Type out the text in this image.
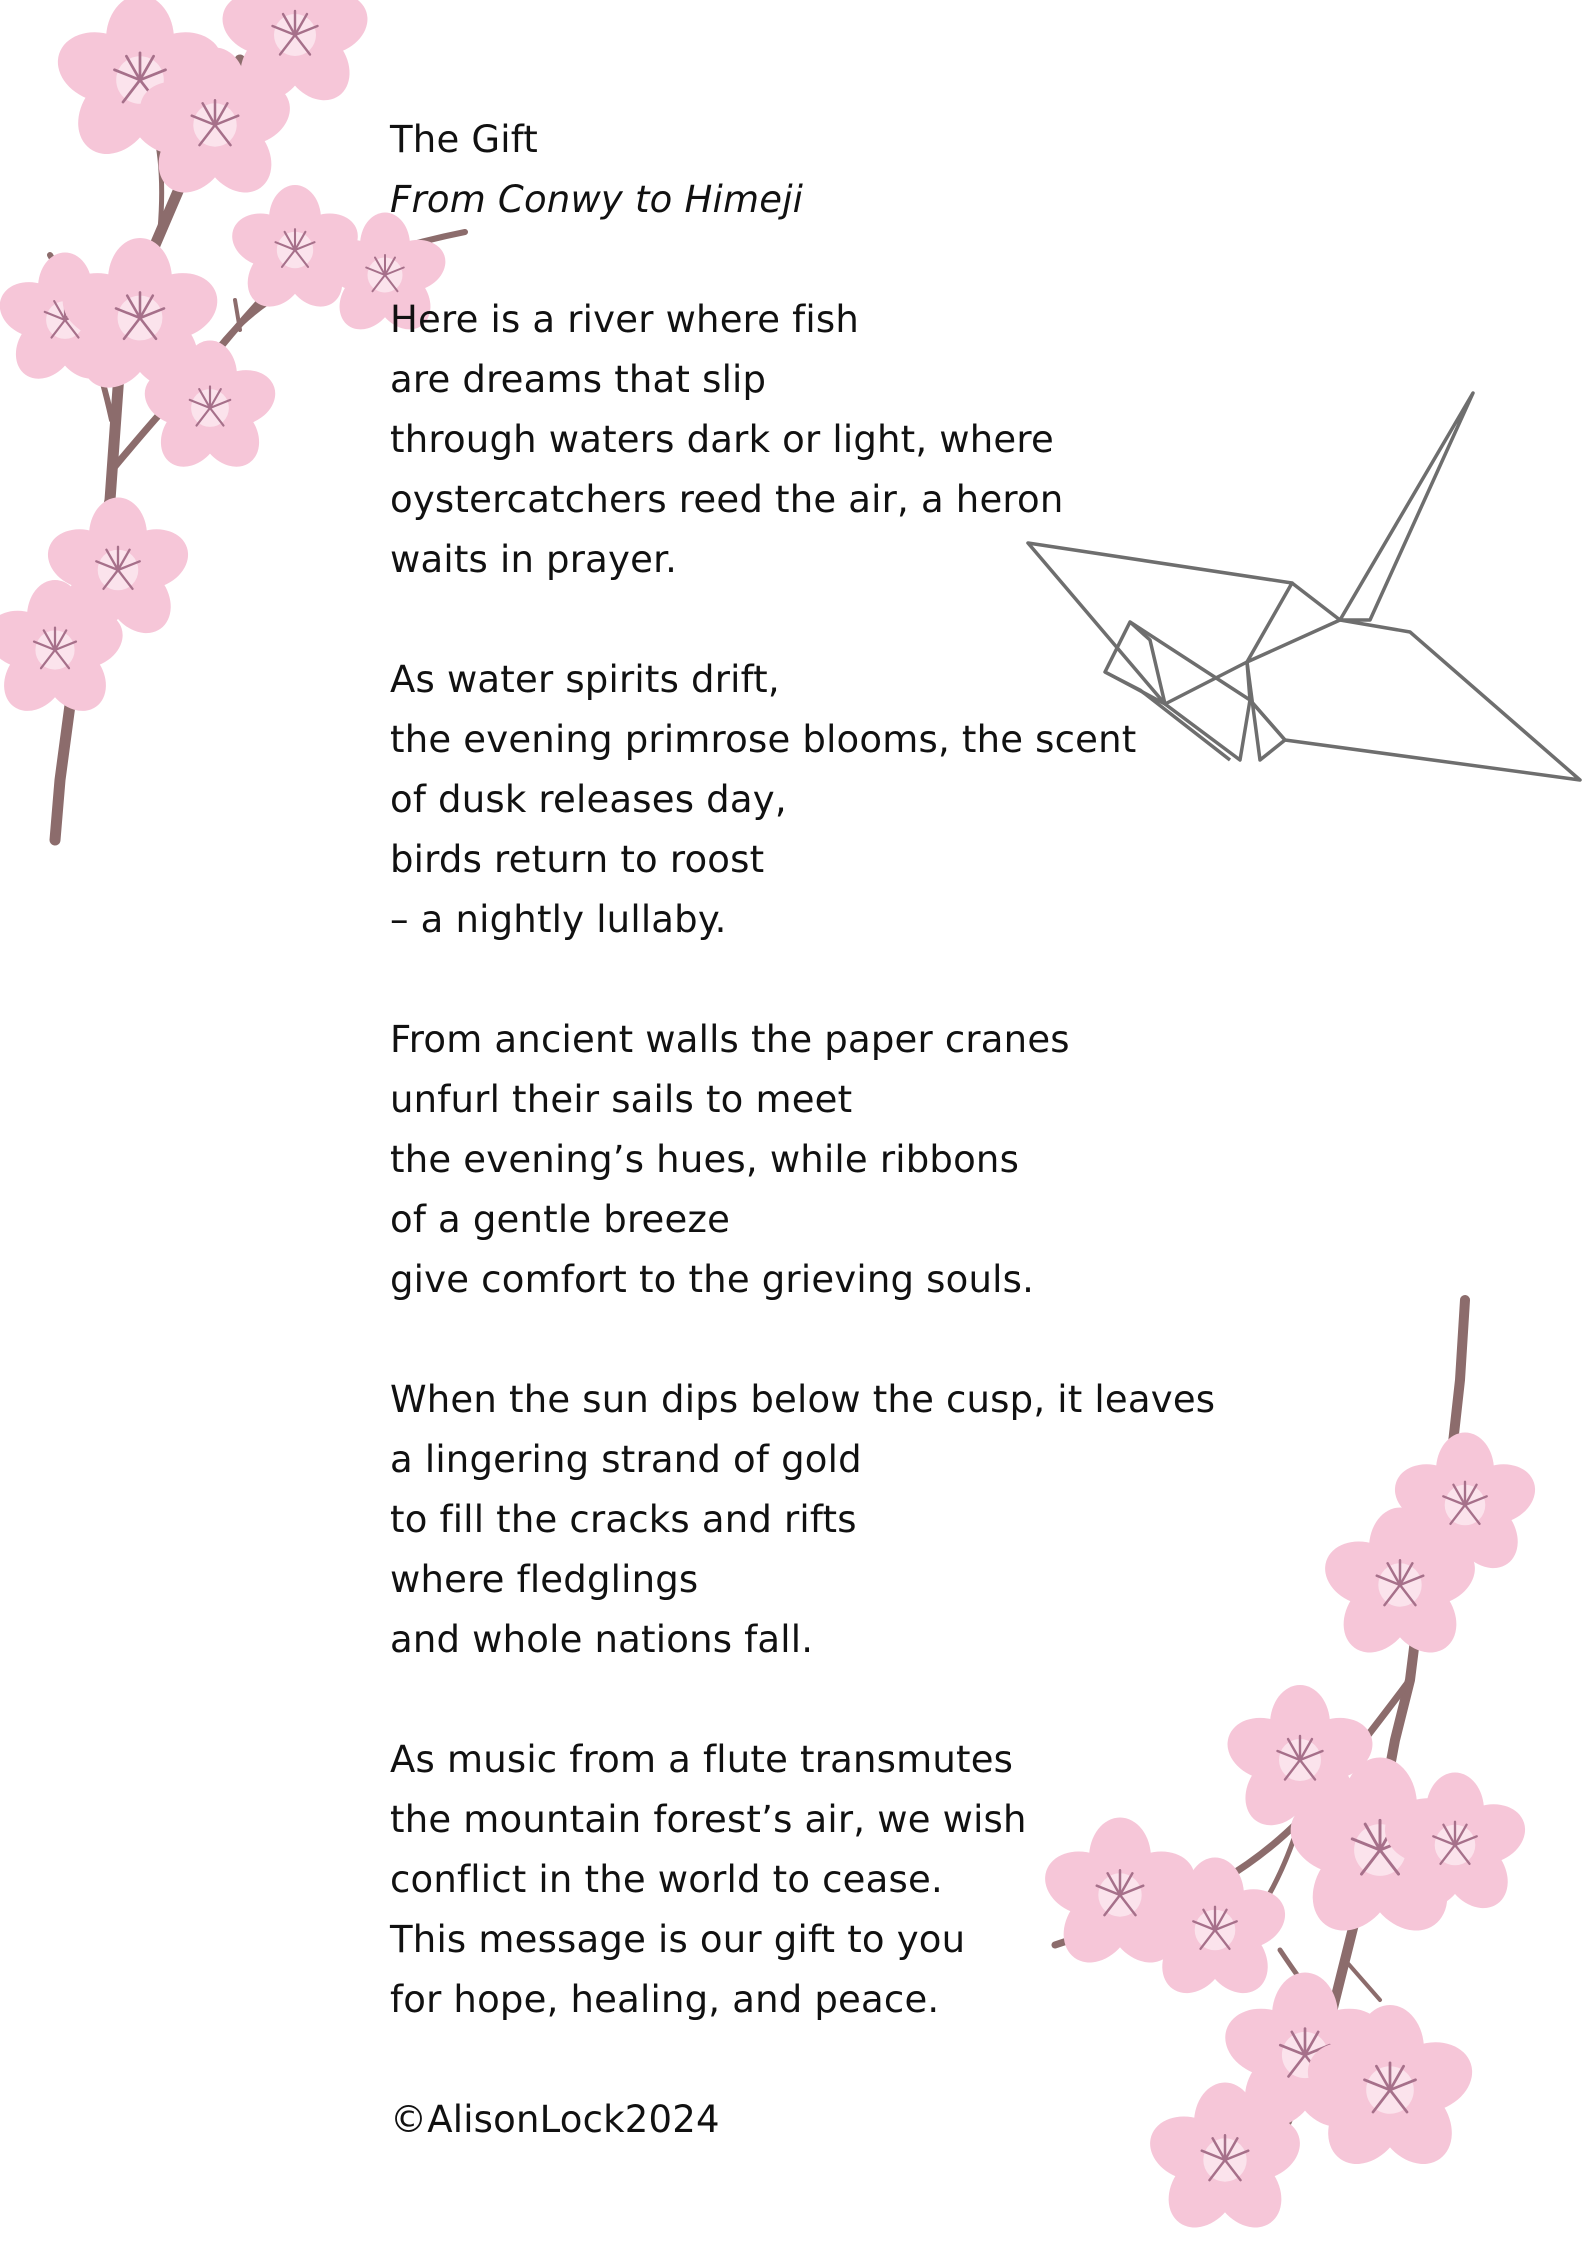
The Gift
From Conwy to Himeji
Here is a river where fish
are dreams that slip
through waters dark or light, where
oystercatchers reed the air, a heron
waits in prayer.
As water spirits drift,
the evening primrose blooms, the scent
of dusk releases day,
birds return to roost
– a nightly lullaby.
From ancient walls the paper cranes
unfurl their sails to meet
the evening’s hues, while ribbons
of a gentle breeze
give comfort to the grieving souls.
When the sun dips below the cusp, it leaves
a lingering strand of gold
to fill the cracks and rifts
where fledglings
and whole nations fall.
As music from a flute transmutes
the mountain forest’s air, we wish
conflict in the world to cease.
This message is our gift to you
for hope, healing, and peace.
©AlisonLock2024
